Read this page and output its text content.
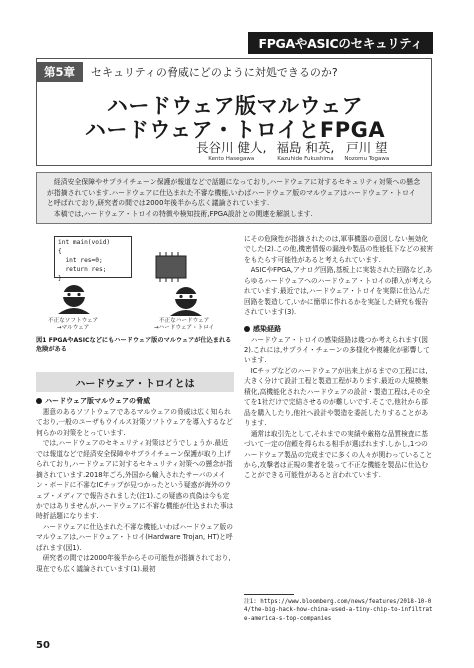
FPGAやASICのセキュリティ
第5章	セキュリティの脅威にどのように対処できるのか?
ハードウェア版マルウェア
ハードウェア・トロイとFPGA
長谷川 健人,
Kento Hasegawa
福島 和英,
Kazuhide Fukushima
戸川 望
Nozomu Togawa

経済安全保障やサプライチェーン保護が報道などで話題になっており,ハードウェアに対するセキュリティ対策への懸念が指摘されています.ハードウェアに仕込まれた不審な機能,いわばハードウェア版のマルウェアはハードウェア・トロイと呼ばれており,研究者の間では2000年後半から広く議論されています.

本稿では,ハードウェア・トロイの特徴や検知技術,FPGA設計との関連を解説します.

int main(void)
{
int res=0;
return res;
}
不正なソフトウェア
→マルウェア
不正なハードウェア
→ハードウェア・トロイ
図1 FPGAやASICなどにもハードウェア版のマルウェアが仕込まれる危険がある
ハードウェア・トロイとは
ハードウェア版マルウェアの脅威

悪意のあるソフトウェアであるマルウェアの脅威は広く知られており,一般のユーザもウイルス対策ソフトウェアを導入するなど何らかの対策をとっています.

では,ハードウェアのセキュリティ対策はどうでしょうか.最近では報道などで経済安全保障やサプライチェーン保護が取り上げられており,ハードウェアに対するセキュリティ対策への懸念が指摘されています.2018年ごろ,外国から輸入されたサーバのメイン・ボードに不審なICチップが見つかったという疑惑が海外のウェブ・メディアで報告されました(注1).この疑惑の真偽は今も定かではありませんが,ハードウェアに不審な機能が仕込まれた事は時折話題になります.

ハードウェアに仕込まれた不審な機能,いわばハードウェア版のマルウェアは,ハードウェア・トロイ(Hardware Trojan, HT)と呼ばれます(図1).

研究者の間では2000年後半からその可能性が指摘されており,現在でも広く議論されています(1).最初

にその危険性が指摘されたのは,軍事機器の意図しない無効化でした(2).この他,機密情報の漏洩や製品の性能低下などの被害をもたらす可能性があると考えられています.

ASICやFPGA,アナログ回路,基板上に実装された回路など,あらゆるハードウェアへのハードウェア・トロイの挿入が考えられています.最近では,ハードウェア・トロイを実際に仕込んだ回路を製造して,いかに簡単に作れるかを実証した研究も報告されています(3).

感染経路

ハードウェア・トロイの感染経路は幾つか考えられます(図2).これには,サプライ・チェーンの多様化や複雑化が影響しています.

ICチップなどのハードウェアが出来上がるまでの工程には,大きく分けて設計工程と製造工程があります.最近の大規模集積化,高機能化されたハードウェアの設計・製造工程は,その全てを1社だけで完結させるのが難しいです.そこで,他社から部品を購入したり,他社へ設計や製造を委託したりすることがあります.

通常は取引先として,それまでの実績や厳格な品質検査に基づいて一定の信頼を得られる相手が選ばれます.しかし,1つのハードウェア製品の完成までに多くの人々が関わっていることから,攻撃者は正規の業者を装って不正な機能を製品に仕込むことができる可能性があると言われています.

注1: https://www.bloomberg.com/news/features/2018-10-04/the-big-hack-how-china-used-a-tiny-chip-to-infiltrate-america-s-top-companies
50
